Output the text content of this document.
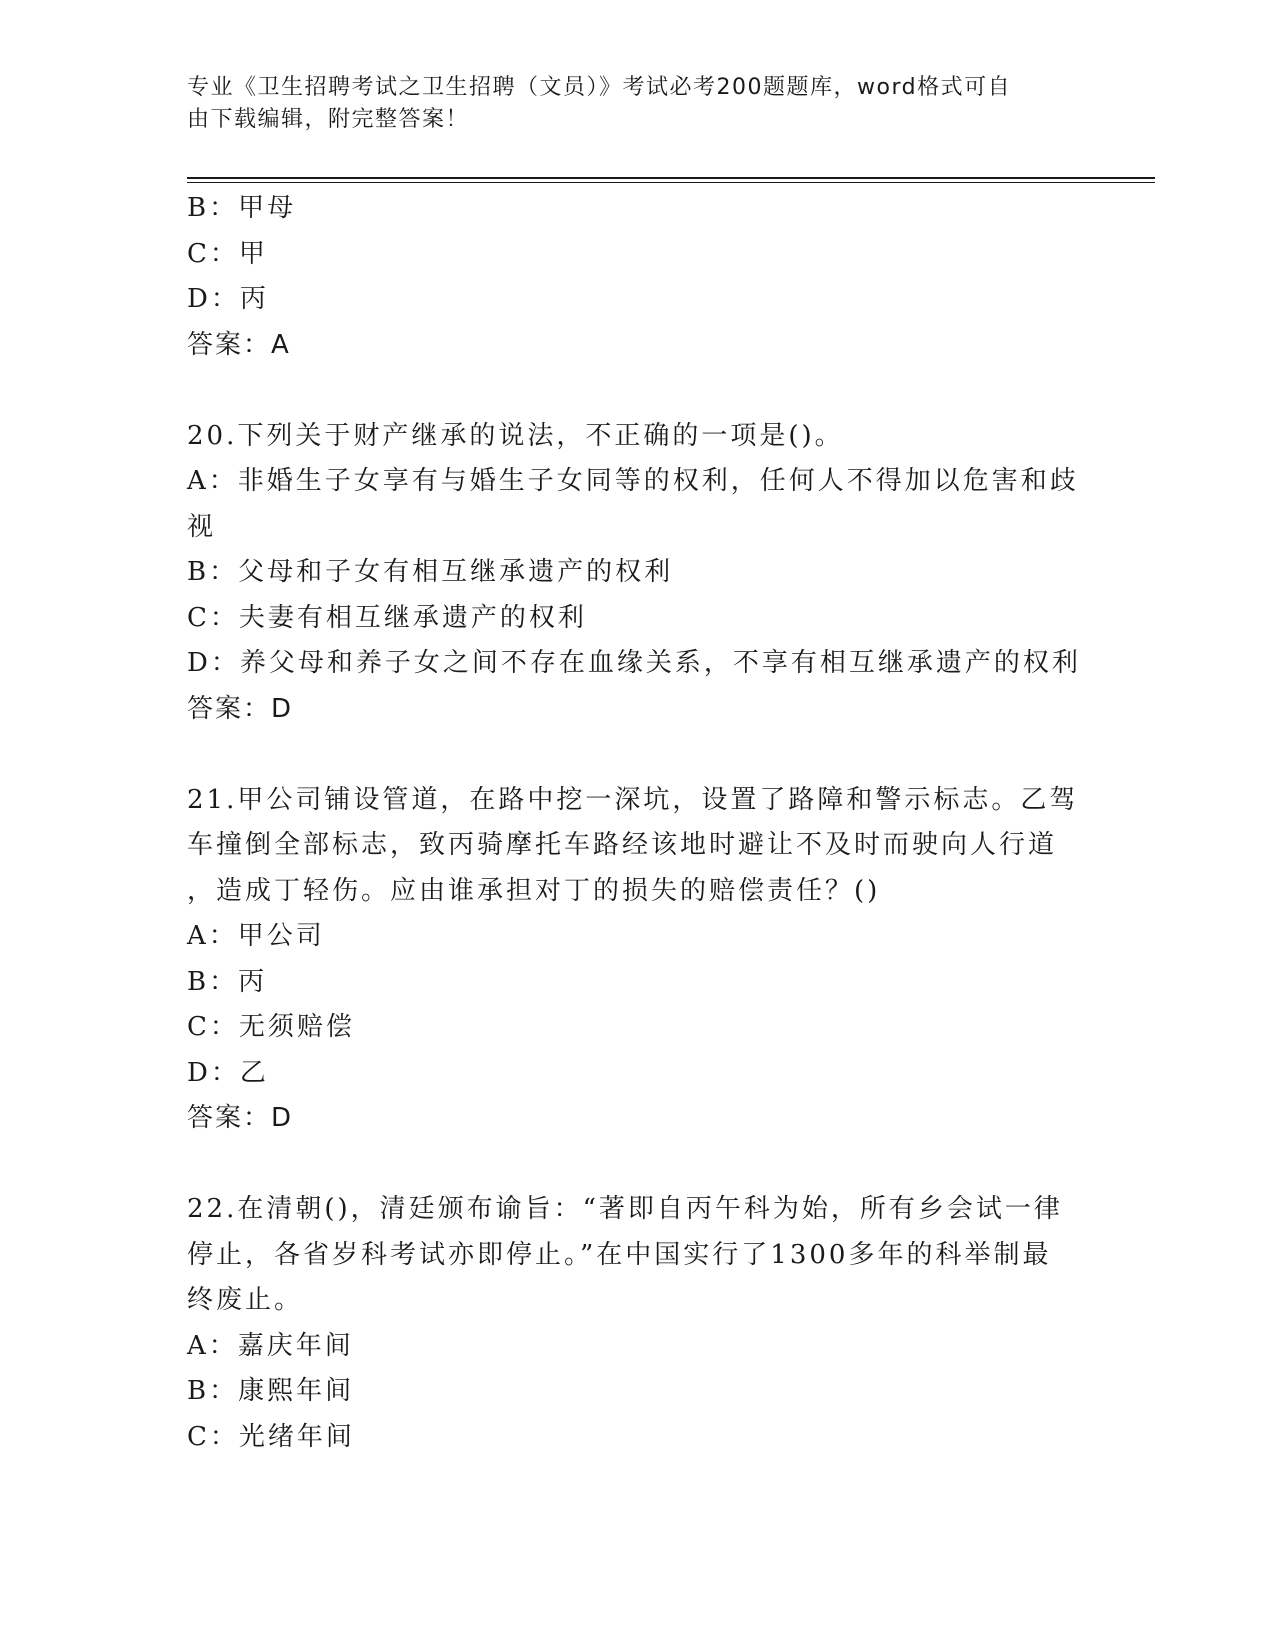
专业《卫生招聘考试之卫生招聘（文员）》考试必考200题题库，word格式可自
由下载编辑，附完整答案！
B：甲母
C：甲
D：丙
答案：A
20.下列关于财产继承的说法，不正确的一项是()。
A：非婚生子女享有与婚生子女同等的权利，任何人不得加以危害和歧
视
B：父母和子女有相互继承遗产的权利
C：夫妻有相互继承遗产的权利
D：养父母和养子女之间不存在血缘关系，不享有相互继承遗产的权利
答案：D
21.甲公司铺设管道，在路中挖一深坑，设置了路障和警示标志。乙驾
车撞倒全部标志，致丙骑摩托车路经该地时避让不及时而驶向人行道
，造成丁轻伤。应由谁承担对丁的损失的赔偿责任？()
A：甲公司
B：丙
C：无须赔偿
D：乙
答案：D
22.在清朝()，清廷颁布谕旨：“著即自丙午科为始，所有乡会试一律
停止，各省岁科考试亦即停止。”在中国实行了1300多年的科举制最
终废止。
A：嘉庆年间
B：康熙年间
C：光绪年间
